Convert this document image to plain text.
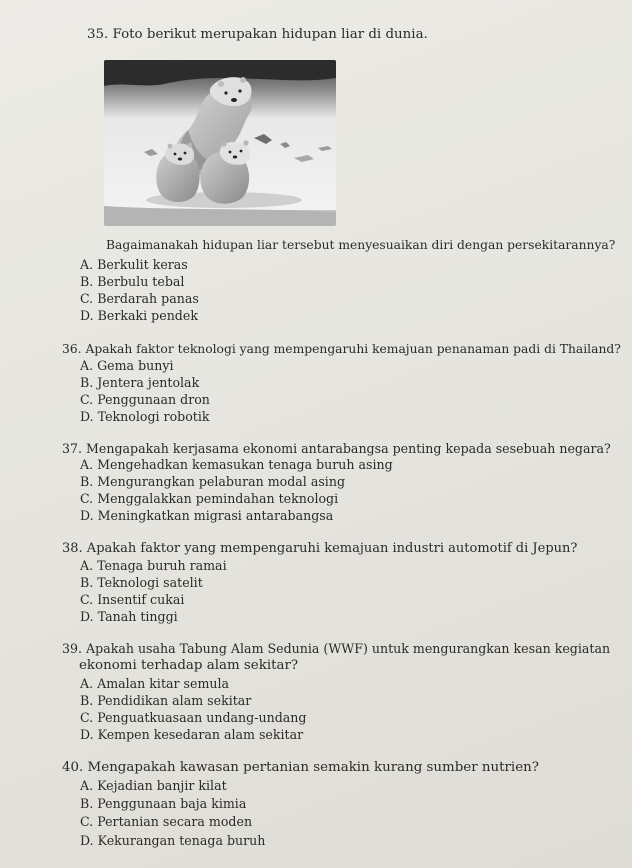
35. Foto berikut merupakan hidupan liar di dunia.
Bagaimanakah hidupan liar tersebut menyesuaikan diri dengan persekitarannya?
A. Berkulit keras
B. Berbulu tebal
C. Berdarah panas
D. Berkaki pendek
36. Apakah faktor teknologi yang mempengaruhi kemajuan penanaman padi di Thailand?
A. Gema bunyi
B. Jentera jentolak
C. Penggunaan dron
D. Teknologi robotik
37. Mengapakah kerjasama ekonomi antarabangsa penting kepada sesebuah negara?
A. Mengehadkan kemasukan tenaga buruh asing
B. Mengurangkan pelaburan modal asing
C. Menggalakkan pemindahan teknologi
D. Meningkatkan migrasi antarabangsa
38. Apakah faktor yang mempengaruhi kemajuan industri automotif di Jepun?
A. Tenaga buruh ramai
B. Teknologi satelit
C. Insentif cukai
D. Tanah tinggi
39. Apakah usaha Tabung Alam Sedunia (WWF) untuk mengurangkan kesan kegiatan
ekonomi terhadap alam sekitar?
A. Amalan kitar semula
B. Pendidikan alam sekitar
C. Penguatkuasaan undang-undang
D. Kempen kesedaran alam sekitar
40. Mengapakah kawasan pertanian semakin kurang sumber nutrien?
A. Kejadian banjir kilat
B. Penggunaan baja kimia
C. Pertanian secara moden
D. Kekurangan tenaga buruh
